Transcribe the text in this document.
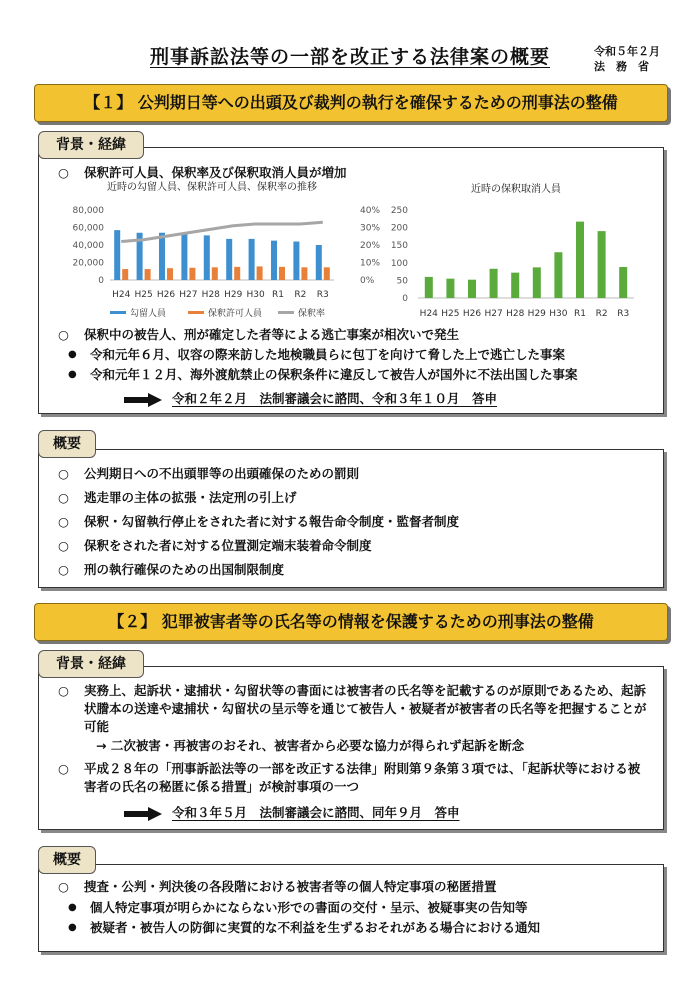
刑事訴訟法等の一部を改正する法律案の概要	令和５年２月
法　務　省
【１】 公判期日等への出頭及び裁判の執行を確保するための刑事法の整備
背景・経緯
○ 保釈許可人員、保釈率及び保釈取消人員が増加
近時の勾留人員、保釈許可人員、保釈率の推移
0
20,000
40,000
60,000
80,000
0%
10%
20%
30%
40%
H24 H25 H26 H27 H28 H29 H30 R1 R2 R3
勾留人員	保釈許可人員	保釈率
近時の保釈取消人員
0
50
100
150
200
250
H24 H25 H26 H27 H28 H29 H30 R1 R2 R3
○ 保釈中の被告人、刑が確定した者等による逃亡事案が相次いで発生
● 令和元年６月、収容の際来訪した地検職員らに包丁を向けて脅した上で逃亡した事案
● 令和元年１２月、海外渡航禁止の保釈条件に違反して被告人が国外に不法出国した事案
令和２年２月　法制審議会に諮問、令和３年１０月　答申
概要
○ 公判期日への不出頭罪等の出頭確保のための罰則
○ 逃走罪の主体の拡張・法定刑の引上げ
○ 保釈・勾留執行停止をされた者に対する報告命令制度・監督者制度
○ 保釈をされた者に対する位置測定端末装着命令制度
○ 刑の執行確保のための出国制限制度
【２】 犯罪被害者等の氏名等の情報を保護するための刑事法の整備
背景・経緯
○ 実務上、起訴状・逮捕状・勾留状等の書面には被害者の氏名等を記載するのが原則であるため、起訴状謄本の送達や逮捕状・勾留状の呈示等を通じて被告人・被疑者が被害者の氏名等を把握することが可能
→ 二次被害・再被害のおそれ、被害者から必要な協力が得られず起訴を断念
○ 平成２８年の「刑事訴訟法等の一部を改正する法律」附則第９条第３項では、「起訴状等における被害者の氏名の秘匿に係る措置」が検討事項の一つ
令和３年５月　法制審議会に諮問、同年９月　答申
概要
○ 捜査・公判・判決後の各段階における被害者等の個人特定事項の秘匿措置
● 個人特定事項が明らかにならない形での書面の交付・呈示、被疑事実の告知等
● 被疑者・被告人の防御に実質的な不利益を生ずるおそれがある場合における通知
